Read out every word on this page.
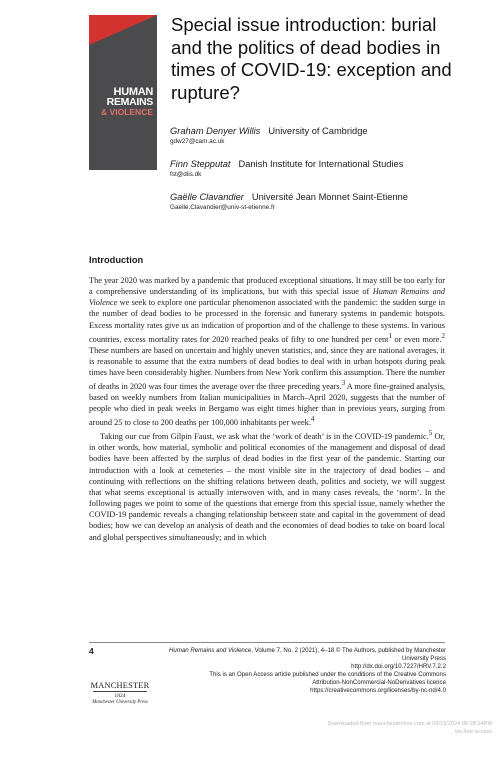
HUMAN
REMAINS
& VIOLENCE
Special issue introduction: burial and the politics of dead bodies in times of COVID-19: exception and rupture?
Graham Denyer Willis University of Cambridge
gdw27@cam.ac.uk
Finn Stepputat Danish Institute for International Studies
fst@diis.dk
Gaëlle Clavandier Université Jean Monnet Saint-Etienne
Gaelle.Clavandier@univ-st-etienne.fr
Introduction

The year 2020 was marked by a pandemic that produced exceptional situations. It may still be too early for a comprehensive understanding of its implications, but with this special issue of Human Remains and Violence we seek to explore one particular phenomenon associated with the pandemic: the sudden surge in the number of dead bodies to be processed in the forensic and funerary systems in pandemic hotspots. Excess mortality rates give us an indication of proportion and of the challenge to these systems. In various countries, excess mortality rates for 2020 reached peaks of fifty to one hundred per cent$^1$ or even more.$^2$ These numbers are based on uncertain and highly uneven statistics, and, since they are national averages, it is reasonable to assume that the extra numbers of dead bodies to deal with in urban hotspots during peak times have been considerably higher. Numbers from New York confirm this assumption. There the number of deaths in 2020 was four times the average over the three preceding years.$^3$ A more fine-grained analysis, based on weekly numbers from Italian municipalities in March–April 2020, suggests that the number of people who died in peak weeks in Bergamo was eight times higher than in previous years, surging from around 25 to close to 200 deaths per 100,000 inhabitants per week.$^4$

Taking our cue from Gilpin Faust, we ask what the ‘work of death’ is in the COVID-19 pandemic.$^5$ Or, in other words, how material, symbolic and political economies of the management and disposal of dead bodies have been affected by the surplus of dead bodies in the first year of the pandemic. Starting our introduction with a look at cemeteries – the most visible site in the trajectory of dead bodies – and continuing with reflections on the shifting relations between death, politics and society, we will suggest that what seems exceptional is actually interwoven with, and in many cases reveals, the ‘norm’. In the following pages we point to some of the questions that emerge from this special issue, namely whether the COVID-19 pandemic reveals a changing relationship between state and capital in the government of dead bodies; how we can develop an analysis of death and the economies of dead bodies to take on board local and global perspectives simultaneously; and in which

4	Human Remains and Violence, Volume 7, No. 2 (2021), 4–18 © The Authors, published by Manchester University Press
http://dx.doi.org/10.7227/HRV.7.2.2
This is an Open Access article published under the conditions of the Creative Commons
Attribution-NonCommercial-NoDerivatives licence
https://creativecommons.org/licenses/by-nc-nd/4.0
MANCHESTER
1824
Manchester University Press
Downloaded from manchesterhive.com at 09/15/2024 08:28:14PM
via free access
